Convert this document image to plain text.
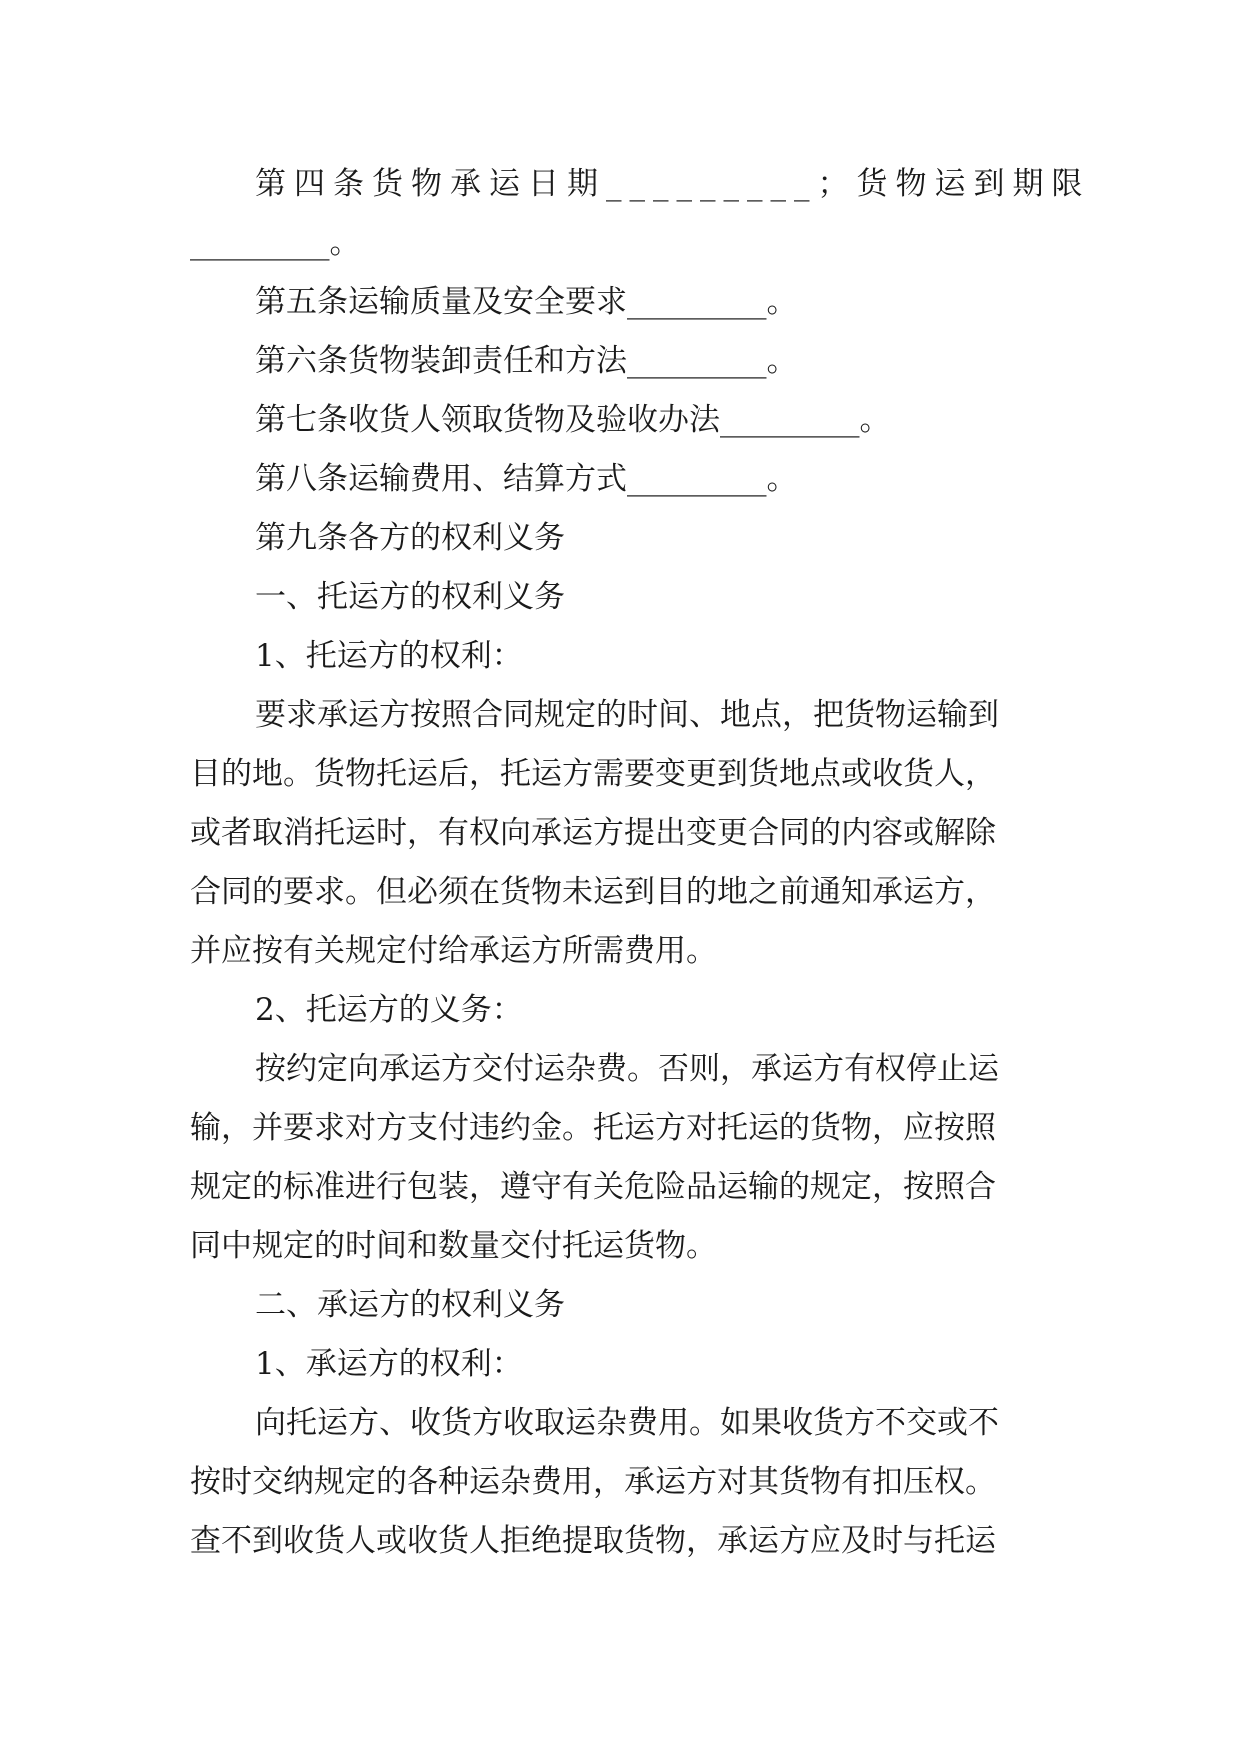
第四条货物承运日期_________；货物运到期限
_________。
第五条运输质量及安全要求_________。
第六条货物装卸责任和方法_________。
第七条收货人领取货物及验收办法_________。
第八条运输费用、结算方式_________。
第九条各方的权利义务
一、托运方的权利义务
1、托运方的权利：
要求承运方按照合同规定的时间、地点，把货物运输到
目的地。货物托运后，托运方需要变更到货地点或收货人，
或者取消托运时，有权向承运方提出变更合同的内容或解除
合同的要求。但必须在货物未运到目的地之前通知承运方，
并应按有关规定付给承运方所需费用。
2、托运方的义务：
按约定向承运方交付运杂费。否则，承运方有权停止运
输，并要求对方支付违约金。托运方对托运的货物，应按照
规定的标准进行包装，遵守有关危险品运输的规定，按照合
同中规定的时间和数量交付托运货物。
二、承运方的权利义务
1、承运方的权利：
向托运方、收货方收取运杂费用。如果收货方不交或不
按时交纳规定的各种运杂费用，承运方对其货物有扣压权。
查不到收货人或收货人拒绝提取货物，承运方应及时与托运
